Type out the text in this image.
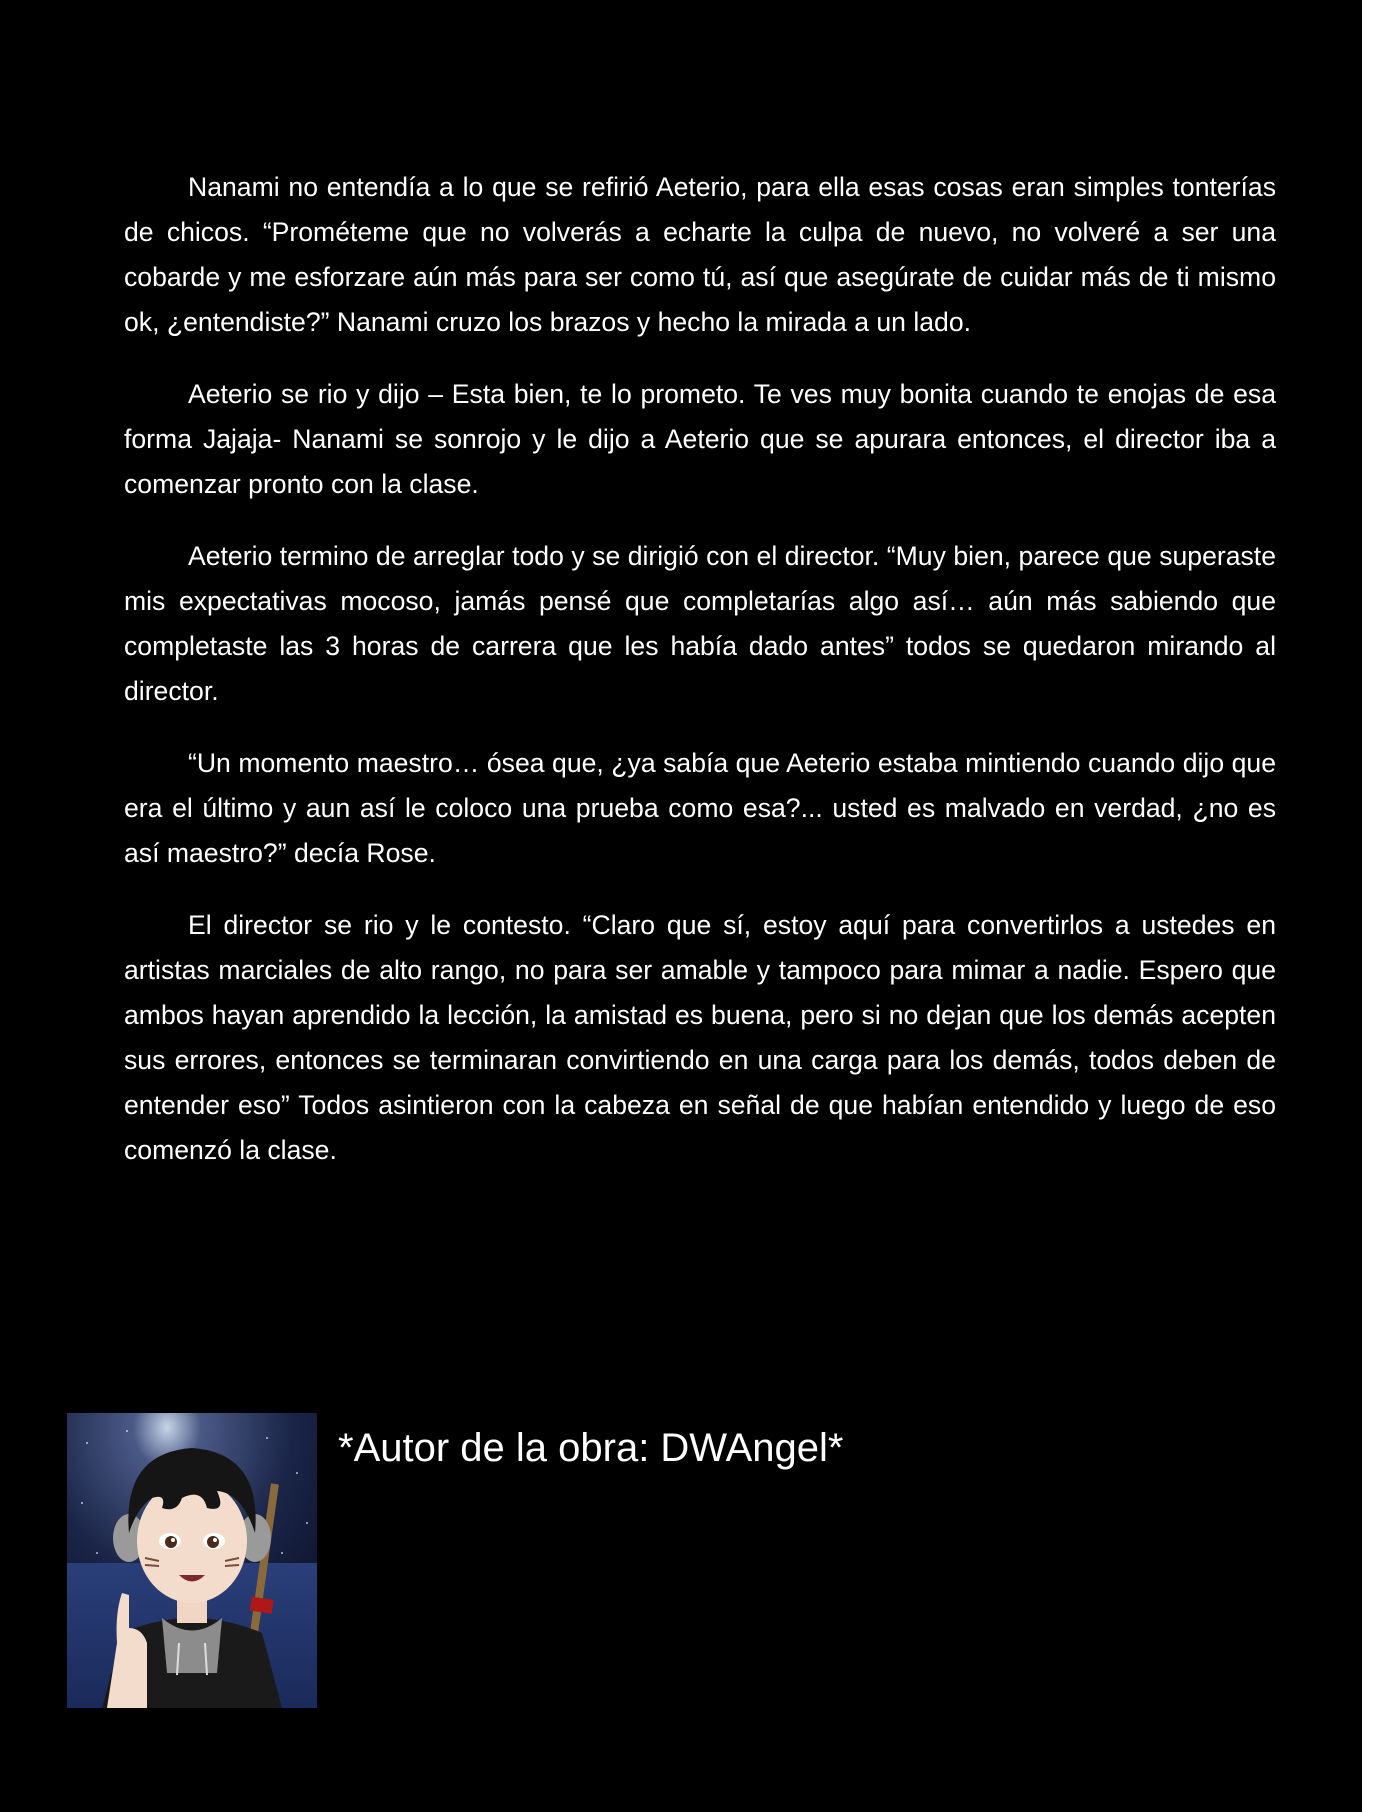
Nanami no entendía a lo que se refirió Aeterio, para ella esas cosas eran simples tonterías de chicos. “Prométeme que no volverás a echarte la culpa de nuevo, no volveré a ser una cobarde y me esforzare aún más para ser como tú, así que asegúrate de cuidar más de ti mismo ok, ¿entendiste?” Nanami cruzo los brazos y hecho la mirada a un lado.

Aeterio se rio y dijo – Esta bien, te lo prometo. Te ves muy bonita cuando te enojas de esa forma Jajaja- Nanami se sonrojo y le dijo a Aeterio que se apurara entonces, el director iba a comenzar pronto con la clase.

Aeterio termino de arreglar todo y se dirigió con el director. “Muy bien, parece que superaste mis expectativas mocoso, jamás pensé que completarías algo así… aún más sabiendo que completaste las 3 horas de carrera que les había dado antes” todos se quedaron mirando al director.

“Un momento maestro… ósea que, ¿ya sabía que Aeterio estaba mintiendo cuando dijo que era el último y aun así le coloco una prueba como esa?... usted es malvado en verdad, ¿no es así maestro?” decía Rose.

El director se rio y le contesto. “Claro que sí, estoy aquí para convertirlos a ustedes en artistas marciales de alto rango, no para ser amable y tampoco para mimar a nadie. Espero que ambos hayan aprendido la lección, la amistad es buena, pero si no dejan que los demás acepten sus errores, entonces se terminaran convirtiendo en una carga para los demás, todos deben de entender eso” Todos asintieron con la cabeza en señal de que habían entendido y luego de eso comenzó la clase.

*Autor de la obra: DWAngel*
